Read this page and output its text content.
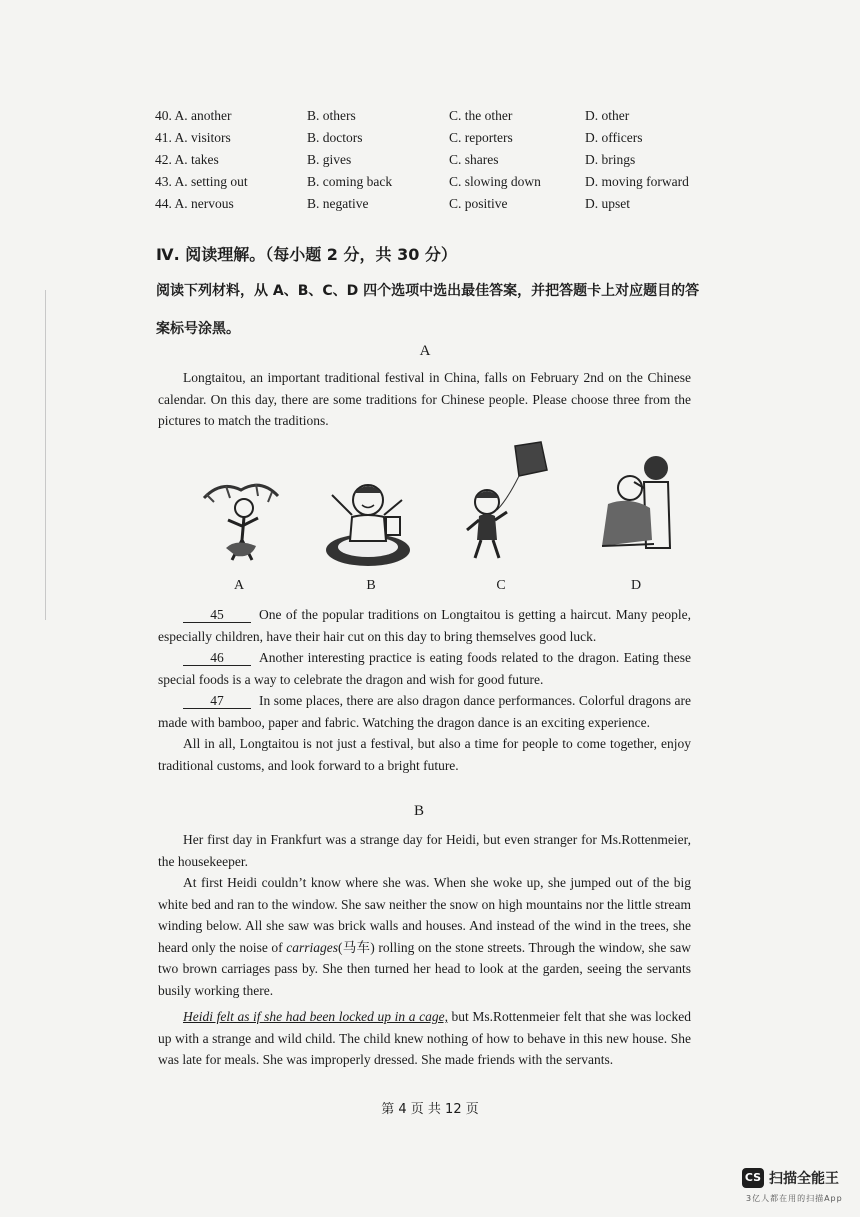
40. A. another	B. others	C. the other	D. other
41. A. visitors	B. doctors	C. reporters	D. officers
42. A. takes	B. gives	C. shares	D. brings
43. A. setting out	B. coming back	C. slowing down	D. moving forward
44. A. nervous	B. negative	C. positive	D. upset
Ⅳ. 阅读理解。（每小题 2 分，共 30 分）
阅读下列材料，从 A、B、C、D 四个选项中选出最佳答案，并把答题卡上对应题目的答案标号涂黑。
A
Longtaitou, an important traditional festival in China, falls on February 2nd on the Chinese calendar. On this day, there are some traditions for Chinese people. Please choose three from the pictures to match the traditions.
A	B	C	D
45	One of the popular traditions on Longtaitou is getting a haircut. Many people, especially children, have their hair cut on this day to bring themselves good luck.
46	Another interesting practice is eating foods related to the dragon. Eating these special foods is a way to celebrate the dragon and wish for good future.
47	In some places, there are also dragon dance performances. Colorful dragons are made with bamboo, paper and fabric. Watching the dragon dance is an exciting experience.
All in all, Longtaitou is not just a festival, but also a time for people to come together, enjoy traditional customs, and look forward to a bright future.
B
Her first day in Frankfurt was a strange day for Heidi, but even stranger for Ms.Rottenmeier, the housekeeper.
At first Heidi couldn’t know where she was. When she woke up, she jumped out of the big white bed and ran to the window. She saw neither the snow on high mountains nor the little stream winding below. All she saw was brick walls and houses. And instead of the wind in the trees, she heard only the noise of carriages(马车) rolling on the stone streets. Through the window, she saw two brown carriages pass by. She then turned her head to look at the garden, seeing the servants busily working there.
Heidi felt as if she had been locked up in a cage, but Ms.Rottenmeier felt that she was locked up with a strange and wild child. The child knew nothing of how to behave in this new house. She was late for meals. She was improperly dressed. She made friends with the servants.
第 4 页 共 12 页
CS 扫描全能王
3亿人都在用的扫描App
